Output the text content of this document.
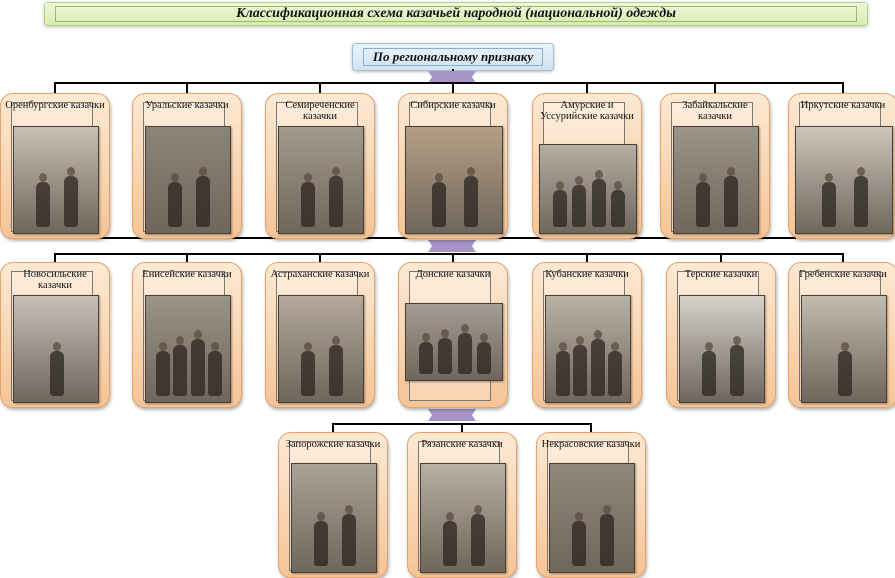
Классификационная схема казачьей народной (национальной) одежды
По региональному признаку
Оренбургские казачки	Уральские казачки	Семиреченские казачки
Сибирские казачки	Амурские и Уссурийские казачки
Забайкальские казачки
Иркутские казачки
Новосильские казачки
Енисейские казачки	Астраханские казачки	Донские казачки	Кубанские казачки	Терские казачки	Гребенские казачки
Запорожские казачки	Рязанские казачки	Некрасовские казачки
